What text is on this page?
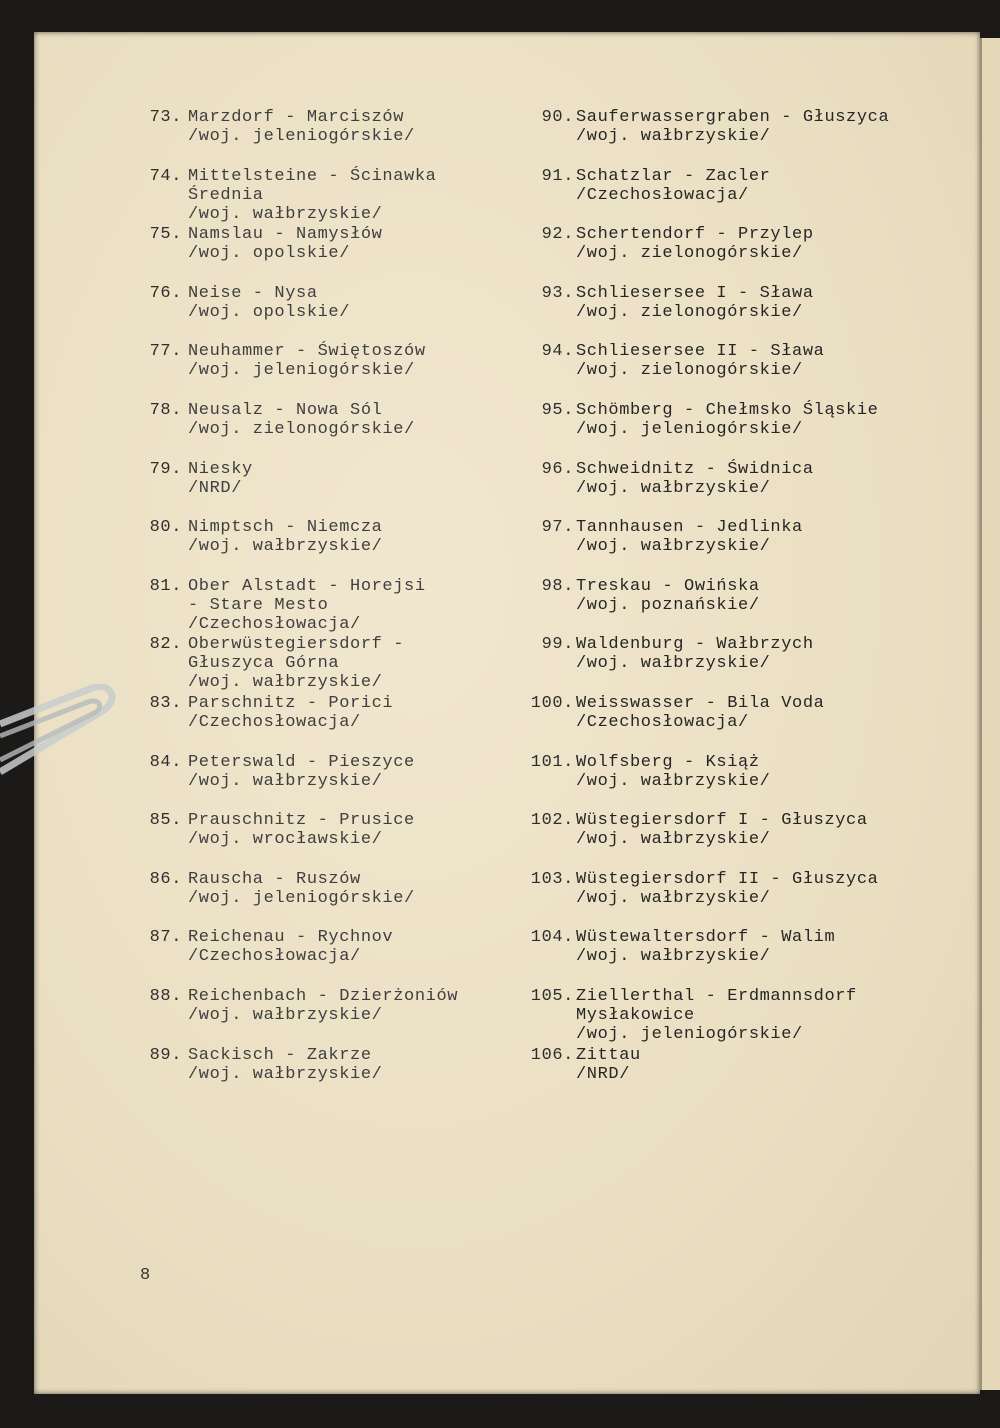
73. Marzdorf - Marciszów
/woj. jeleniogórskie/
74. Mittelsteine - Ścinawka
Średnia
/woj. wałbrzyskie/
75. Namslau - Namysłów
/woj. opolskie/
76. Neise - Nysa
/woj. opolskie/
77. Neuhammer - Świętoszów
/woj. jeleniogórskie/
78. Neusalz - Nowa Sól
/woj. zielonogórskie/
79. Niesky
/NRD/
80. Nimptsch - Niemcza
/woj. wałbrzyskie/
81. Ober Alstadt - Horejsi
- Stare Mesto
/Czechosłowacja/
82. Oberwüstegiersdorf -
Głuszyca Górna
/woj. wałbrzyskie/
83. Parschnitz - Porici
/Czechosłowacja/
84. Peterswald - Pieszyce
/woj. wałbrzyskie/
85. Prauschnitz - Prusice
/woj. wrocławskie/
86. Rauscha - Ruszów
/woj. jeleniogórskie/
87. Reichenau - Rychnov
/Czechosłowacja/
88. Reichenbach - Dzierżoniów
/woj. wałbrzyskie/
89. Sackisch - Zakrze
/woj. wałbrzyskie/
90. Sauferwassergraben - Głuszyca
/woj. wałbrzyskie/
91. Schatzlar - Zacler
/Czechosłowacja/
92. Schertendorf - Przylep
/woj. zielonogórskie/
93. Schliesersee I - Sława
/woj. zielonogórskie/
94. Schliesersee II - Sława
/woj. zielonogórskie/
95. Schömberg - Chełmsko Śląskie
/woj. jeleniogórskie/
96. Schweidnitz - Świdnica
/woj. wałbrzyskie/
97. Tannhausen - Jedlinka
/woj. wałbrzyskie/
98. Treskau - Owińska
/woj. poznańskie/
99. Waldenburg - Wałbrzych
/woj. wałbrzyskie/
100. Weisswasser - Bila Voda
/Czechosłowacja/
101. Wolfsberg - Książ
/woj. wałbrzyskie/
102. Wüstegiersdorf I - Głuszyca
/woj. wałbrzyskie/
103. Wüstegiersdorf II - Głuszyca
/woj. wałbrzyskie/
104. Wüstewaltersdorf - Walim
/woj. wałbrzyskie/
105. Ziellerthal - Erdmannsdorf
Mysłakowice
/woj. jeleniogórskie/
106. Zittau
/NRD/
8
